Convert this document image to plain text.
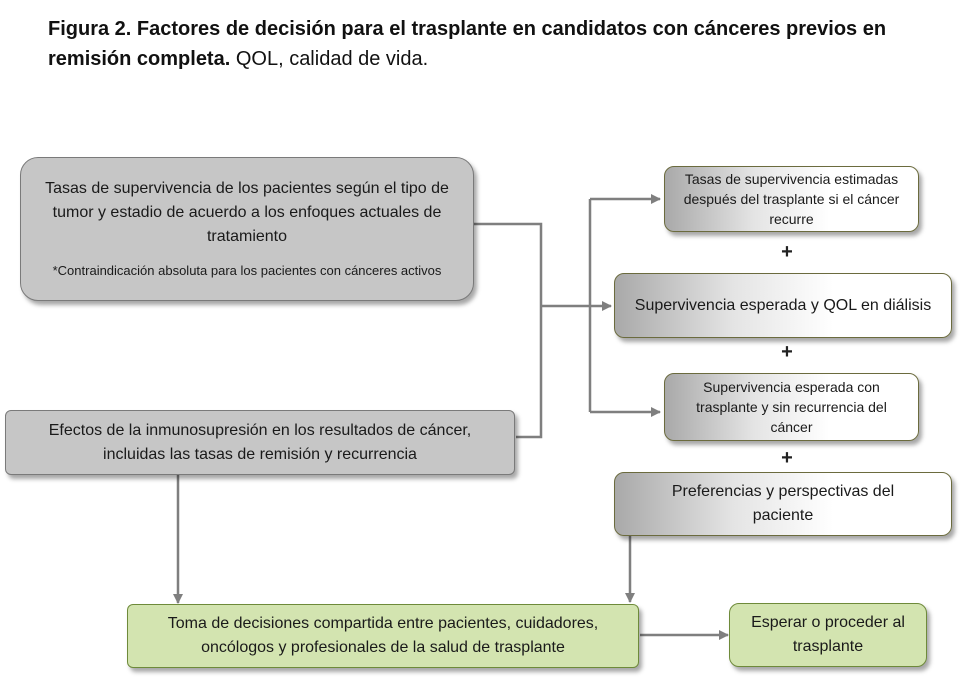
Figura 2. Factores de decisión para el trasplante en candidatos con cánceres previos en remisión completa. QOL, calidad de vida.
Tasas de supervivencia de los pacientes según el tipo de tumor y estadio de acuerdo a los enfoques actuales de tratamiento
*Contraindicación absoluta para los pacientes con cánceres activos
Efectos de la inmunosupresión en los resultados de cáncer, incluidas las tasas de remisión y recurrencia
Tasas de supervivencia estimadas después del trasplante si el cáncer recurre
+
Supervivencia esperada y QOL en diálisis
+
Supervivencia esperada con trasplante y sin recurrencia del cáncer
+
Preferencias y perspectivas del paciente
Toma de decisiones compartida entre pacientes, cuidadores, oncólogos y profesionales de la salud de trasplante
Esperar o proceder al trasplante
